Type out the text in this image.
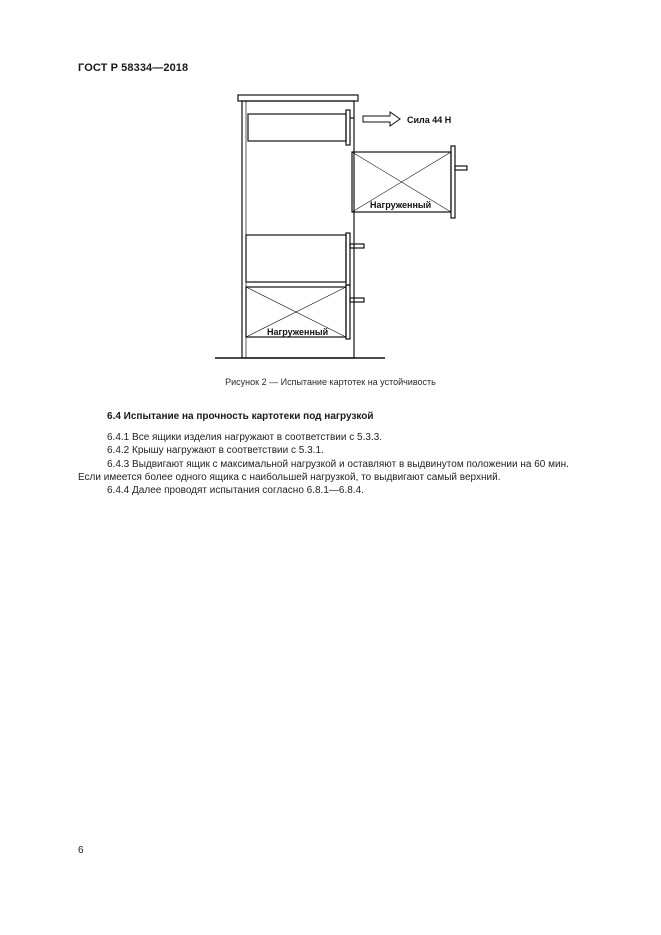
ГОСТ Р 58334—2018
Сила 44 Н
Нагруженный
Нагруженный
Рисунок 2 — Испытание картотек на устойчивость
6.4 Испытание на прочность картотеки под нагрузкой

6.4.1 Все ящики изделия нагружают в соответствии с 5.3.3.

6.4.2 Крышу нагружают в соответствии с 5.3.1.

6.4.3 Выдвигают ящик с максимальной нагрузкой и оставляют в выдвинутом положении на 60 мин.

Если имеется более одного ящика с наибольшей нагрузкой, то выдвигают самый верхний.

6.4.4 Далее проводят испытания согласно 6.8.1—6.8.4.

6
